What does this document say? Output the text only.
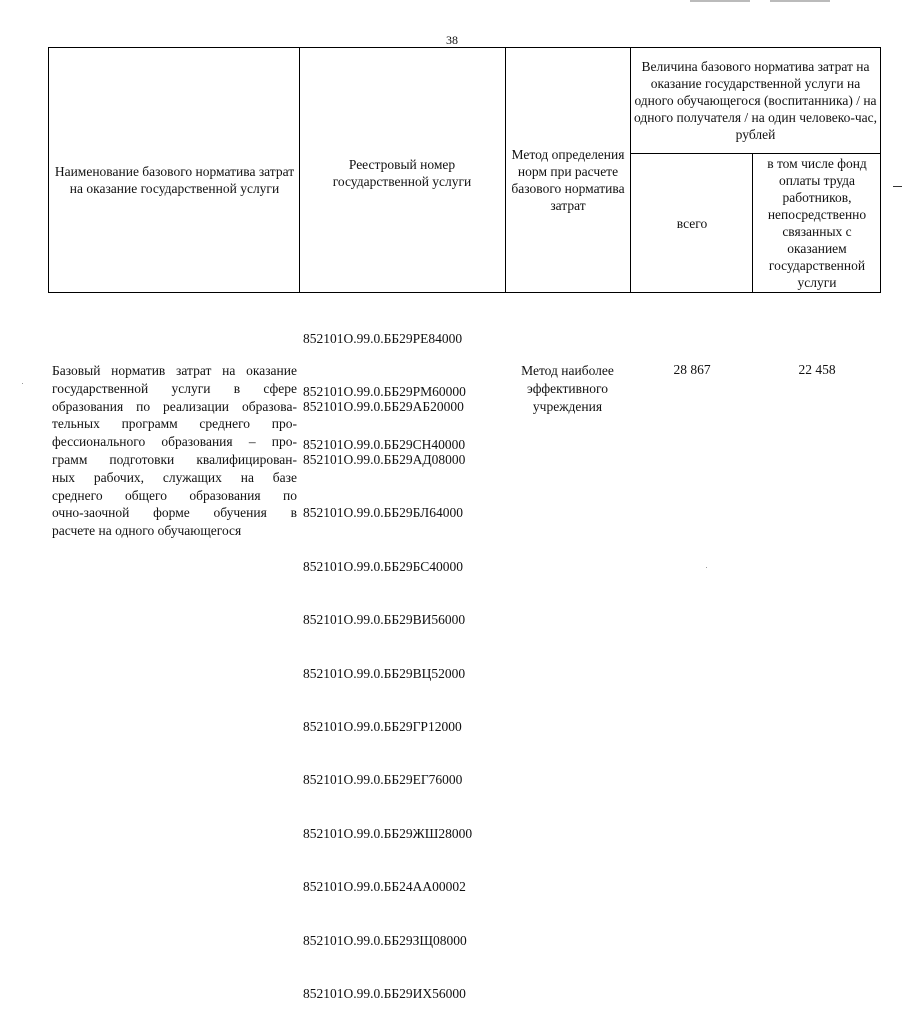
38
Наименование базового норматива затрат на оказание государственной услуги
Реестровый номер государственной услуги
Метод определения норм при расчете базового норматива затрат
Величина базового норматива затрат на оказание государственной услуги на одного обучающегося (воспитанника) / на одного получателя / на один человеко-час, рублей
всего
в том числе фонд оплаты труда работников, непосредственно связанных с оказанием государственной услуги

852101О.99.0.ББ29РЕ84000

852101О.99.0.ББ29РМ60000

852101О.99.0.ББ29СН40000

Базовый норматив затрат на оказание
государственной услуги в сфере
образования по реализации образова-
тельных программ среднего про-
фессионального образования – про-
грамм подготовки квалифицирован-
ных рабочих, служащих на базе
среднего общего образования по
очно-заочной форме обучения в
расчете на одного обучающегося

852101О.99.0.ББ29АБ20000

852101О.99.0.ББ29АД08000

852101О.99.0.ББ29БЛ64000

852101О.99.0.ББ29БС40000

852101О.99.0.ББ29ВИ56000

852101О.99.0.ББ29ВЦ52000

852101О.99.0.ББ29ГР12000

852101О.99.0.ББ29ЕГ76000

852101О.99.0.ББ29ЖШ28000

852101О.99.0.ББ24АА00002

852101О.99.0.ББ29ЗЩ08000

852101О.99.0.ББ29ИХ56000

Метод наиболее эффективного учреждения
28 867	22 458
